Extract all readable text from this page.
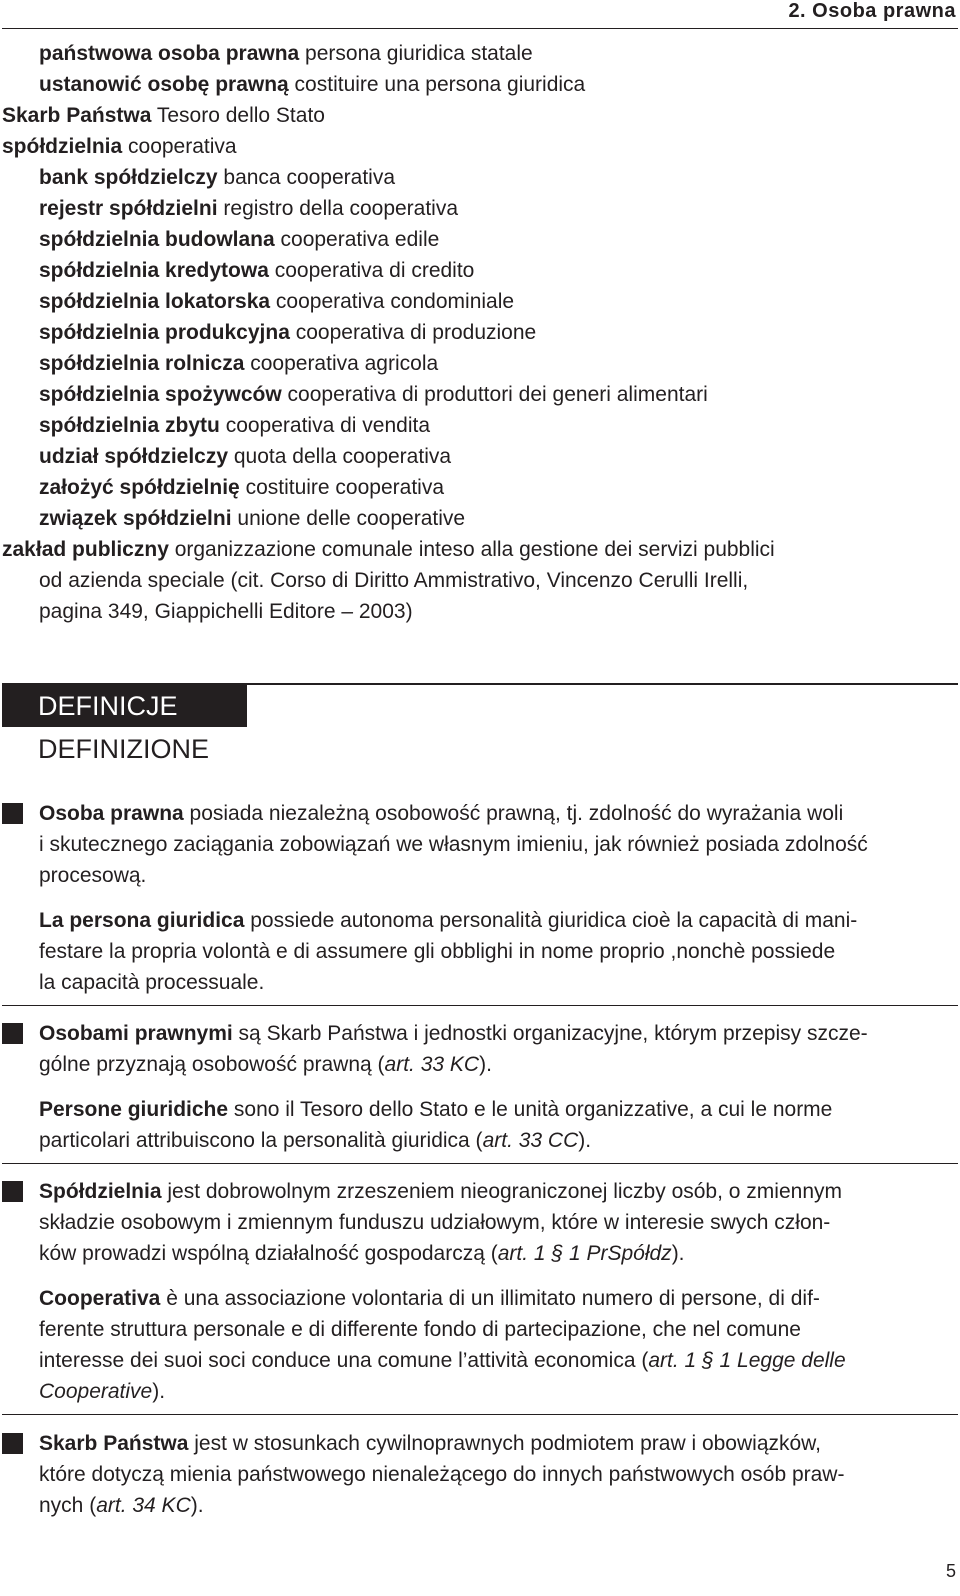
2. Osoba prawna
państwowa osoba prawna persona giuridica statale
ustanowić osobę prawną costituire una persona giuridica
Skarb Państwa Tesoro dello Stato
spółdzielnia cooperativa
bank spółdzielczy banca cooperativa
rejestr spółdzielni registro della cooperativa
spółdzielnia budowlana cooperativa edile
spółdzielnia kredytowa cooperativa di credito
spółdzielnia lokatorska cooperativa condominiale
spółdzielnia produkcyjna cooperativa di produzione
spółdzielnia rolnicza cooperativa agricola
spółdzielnia spożywców cooperativa di produttori dei generi alimentari
spółdzielnia zbytu cooperativa di vendita
udział spółdzielczy quota della cooperativa
założyć spółdzielnię costituire cooperativa
związek spółdzielni unione delle cooperative
zakład publiczny organizzazione comunale inteso alla gestione dei servizi pubblici
od azienda speciale (cit. Corso di Diritto Ammistrativo, Vincenzo Cerulli Irelli,
pagina 349, Giappichelli Editore – 2003)
DEFINICJE
DEFINIZIONE
Osoba prawna posiada niezależną osobowość prawną, tj. zdolność do wyrażania woli
i skutecznego zaciągania zobowiązań we własnym imieniu, jak również posiada zdolność
procesową.
La persona giuridica possiede autonoma personalità giuridica cioè la capacità di mani-
festare la propria volontà e di assumere gli obblighi in nome proprio ,nonchè possiede
la capacità processuale.
Osobami prawnymi są Skarb Państwa i jednostki organizacyjne, którym przepisy szcze-
gólne przyznają osobowość prawną (art. 33 KC).
Persone giuridiche sono il Tesoro dello Stato e le unità organizzative, a cui le norme
particolari attribuiscono la personalità giuridica (art. 33 CC).
Spółdzielnia jest dobrowolnym zrzeszeniem nieograniczonej liczby osób, o zmiennym
składzie osobowym i zmiennym funduszu udziałowym, które w interesie swych człon-
ków prowadzi wspólną działalność gospodarczą (art. 1 § 1 PrSpółdz).
Cooperativa è una associazione volontaria di un illimitato numero di persone, di dif-
ferente struttura personale e di differente fondo di partecipazione, che nel comune
interesse dei suoi soci conduce una comune l’attività economica (art. 1 § 1 Legge delle
Cooperative).
Skarb Państwa jest w stosunkach cywilnoprawnych podmiotem praw i obowiązków,
które dotyczą mienia państwowego nienależącego do innych państwowych osób praw-
nych (art. 34 KC).
5
